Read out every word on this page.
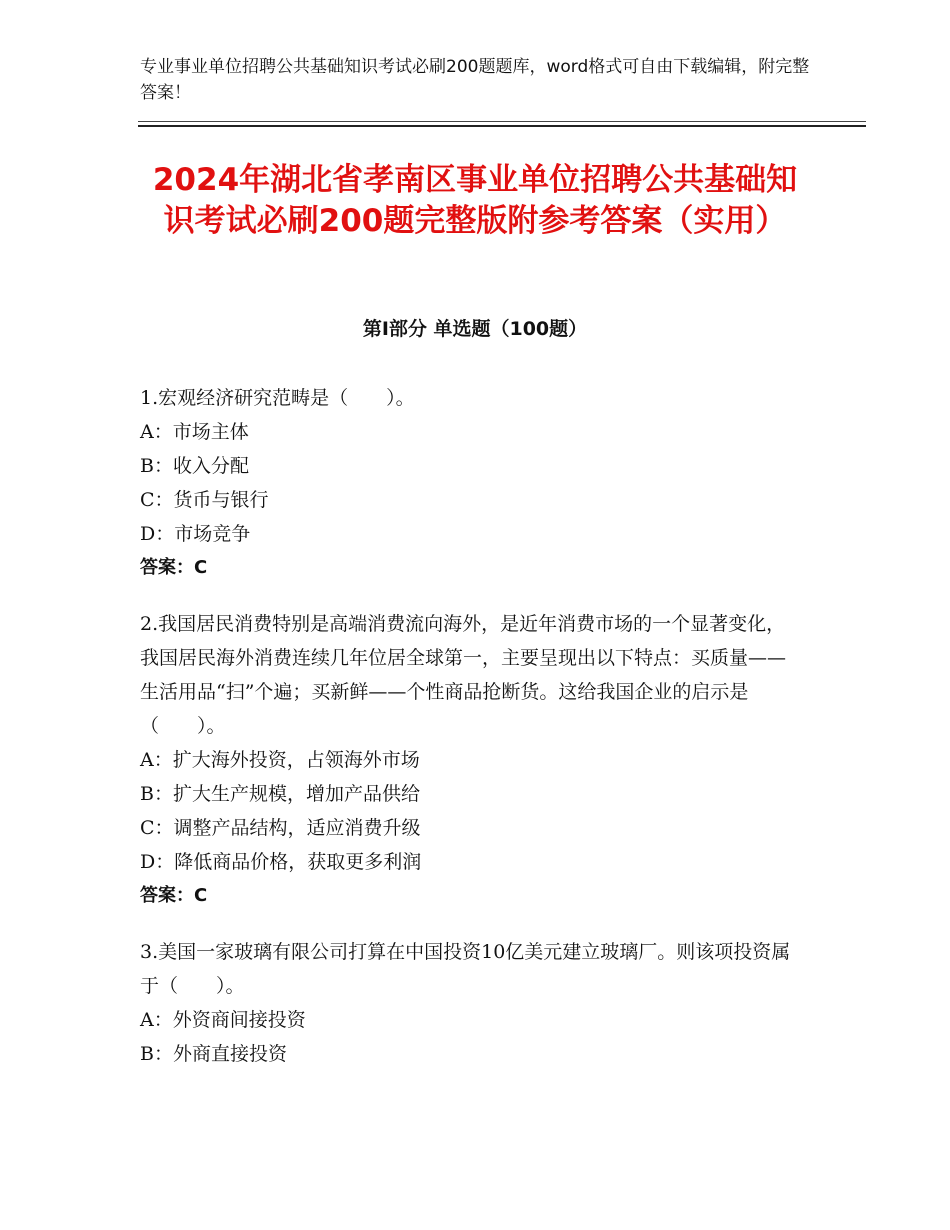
专业事业单位招聘公共基础知识考试必刷200题题库，word格式可自由下载编辑，附完整答案！
2024年湖北省孝南区事业单位招聘公共基础知识考试必刷200题完整版附参考答案（实用）
第Ⅰ部分 单选题（100题）
1.宏观经济研究范畴是（　　）。
A：市场主体
B：收入分配
C：货币与银行
D：市场竞争
答案：C
2.我国居民消费特别是高端消费流向海外，是近年消费市场的一个显著变化，我国居民海外消费连续几年位居全球第一，主要呈现出以下特点：买质量——生活用品“扫”个遍；买新鲜——个性商品抢断货。这给我国企业的启示是（　　）。
A：扩大海外投资，占领海外市场
B：扩大生产规模，增加产品供给
C：调整产品结构，适应消费升级
D：降低商品价格，获取更多利润
答案：C
3.美国一家玻璃有限公司打算在中国投资10亿美元建立玻璃厂。则该项投资属于（　　）。
A：外资商间接投资
B：外商直接投资
